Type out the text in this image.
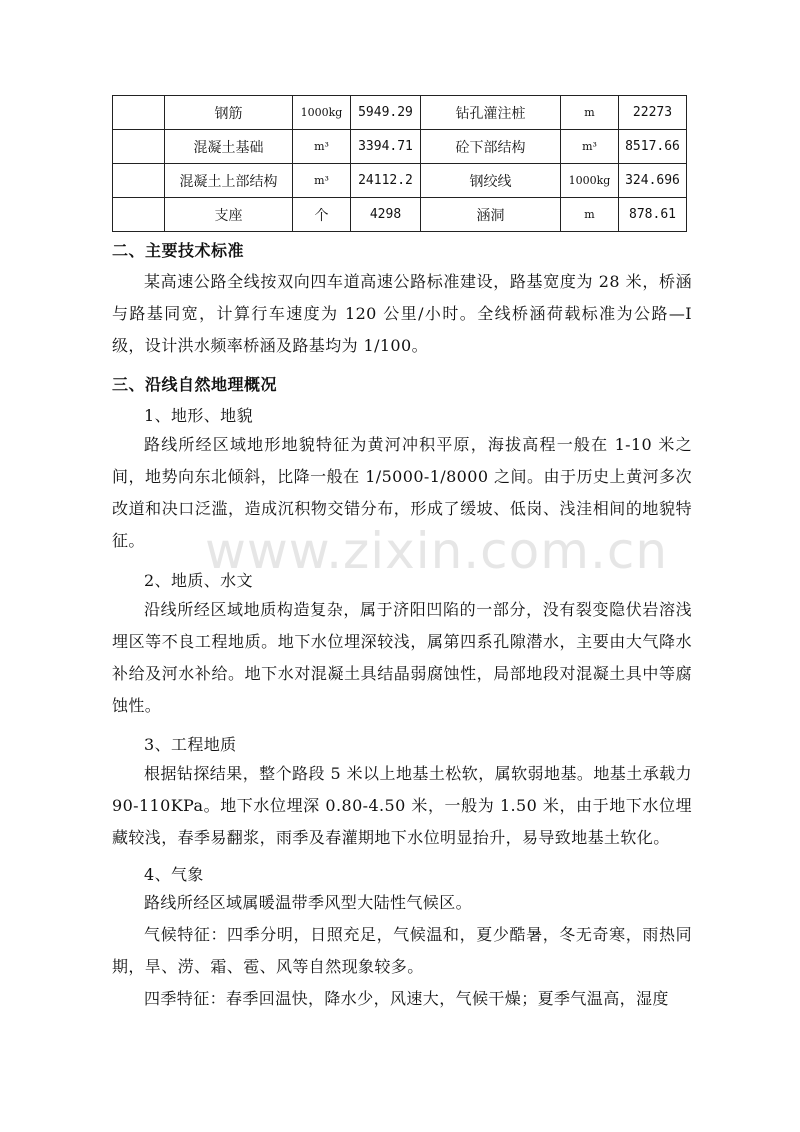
	钢筋	1000kg	5949.29	钻孔灌注桩	m	22273
	混凝土基础	m³	3394.71	砼下部结构	m³	8517.66
	混凝土上部结构	m³	24112.2	钢绞线	1000kg	324.696
	支座	个	4298	涵洞	m	878.61
二、主要技术标准

某高速公路全线按双向四车道高速公路标准建设，路基宽度为 28 米，桥涵与路基同宽，计算行车速度为 120 公里/小时。全线桥涵荷载标准为公路—I 级，设计洪水频率桥涵及路基均为 1/100。

三、沿线自然地理概况
1、地形、地貌

路线所经区域地形地貌特征为黄河冲积平原，海拔高程一般在 1-10 米之间，地势向东北倾斜，比降一般在 1/5000-1/8000 之间。由于历史上黄河多次改道和决口泛滥，造成沉积物交错分布，形成了缓坡、低岗、浅洼相间的地貌特征。	www.zixin.com.cn
2、地质、水文

沿线所经区域地质构造复杂，属于济阳凹陷的一部分，没有裂变隐伏岩溶浅埋区等不良工程地质。地下水位埋深较浅，属第四系孔隙潜水，主要由大气降水补给及河水补给。地下水对混凝土具结晶弱腐蚀性，局部地段对混凝土具中等腐蚀性。

3、工程地质

根据钻探结果，整个路段 5 米以上地基土松软，属软弱地基。地基土承载力 90-110KPa。地下水位埋深 0.80-4.50 米，一般为 1.50 米，由于地下水位埋藏较浅，春季易翻浆，雨季及春灌期地下水位明显抬升，易导致地基土软化。

4、气象

路线所经区域属暖温带季风型大陆性气候区。

气候特征：四季分明，日照充足，气候温和，夏少酷暑，冬无奇寒，雨热同期，旱、涝、霜、雹、风等自然现象较多。

四季特征：春季回温快，降水少，风速大，气候干燥；夏季气温高，湿度
